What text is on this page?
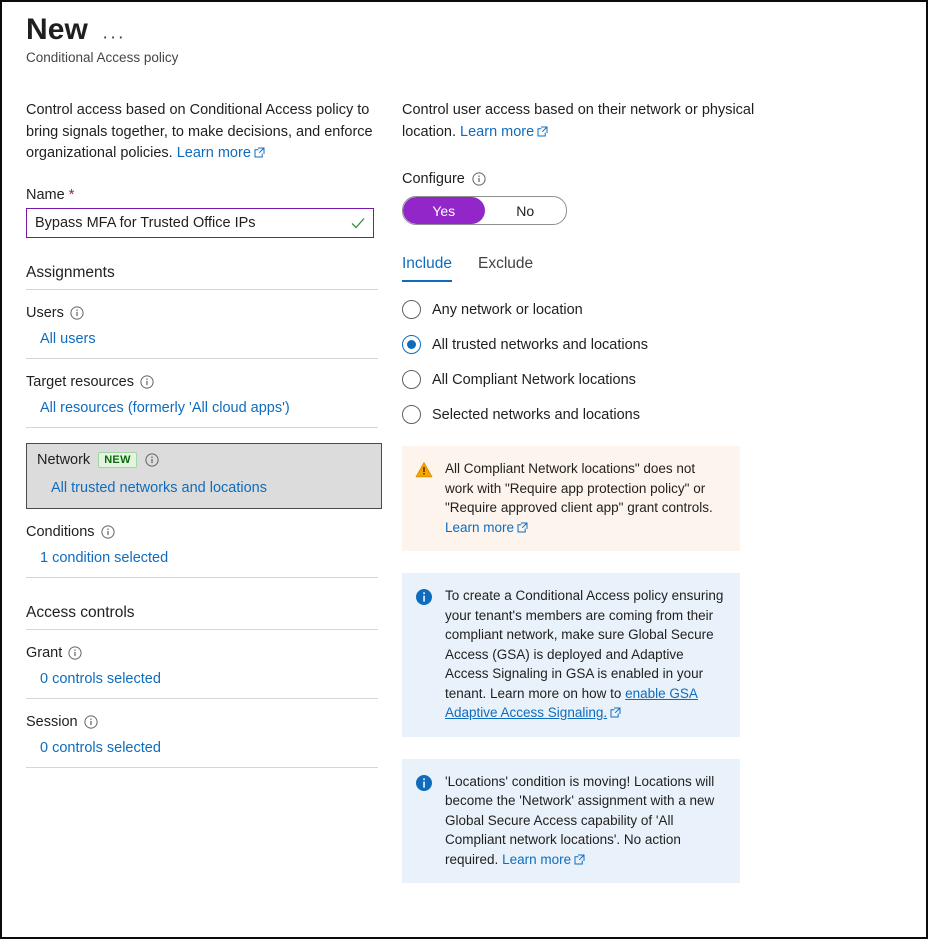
New ···
Conditional Access policy
Control access based on Conditional Access policy to bring signals together, to make decisions, and enforce organizational policies. Learn more
Name *
Bypass MFA for Trusted Office IPs
Assignments
Users
All users
Target resources
All resources (formerly 'All cloud apps')
Network	NEW
All trusted networks and locations
Conditions
1 condition selected
Access controls
Grant
0 controls selected
Session
0 controls selected
Control user access based on their network or physical location. Learn more
Configure
Yes	No
Include Exclude
Any network or location
All trusted networks and locations
All Compliant Network locations
Selected networks and locations
All Compliant Network locations" does not work with "Require app protection policy" or "Require approved client app" grant controls. Learn more
To create a Conditional Access policy ensuring your tenant's members are coming from their compliant network, make sure Global Secure Access (GSA) is deployed and Adaptive Access Signaling in GSA is enabled in your tenant. Learn more on how to enable GSA Adaptive Access Signaling.
'Locations' condition is moving! Locations will become the 'Network' assignment with a new Global Secure Access capability of 'All Compliant network locations'. No action required. Learn more
